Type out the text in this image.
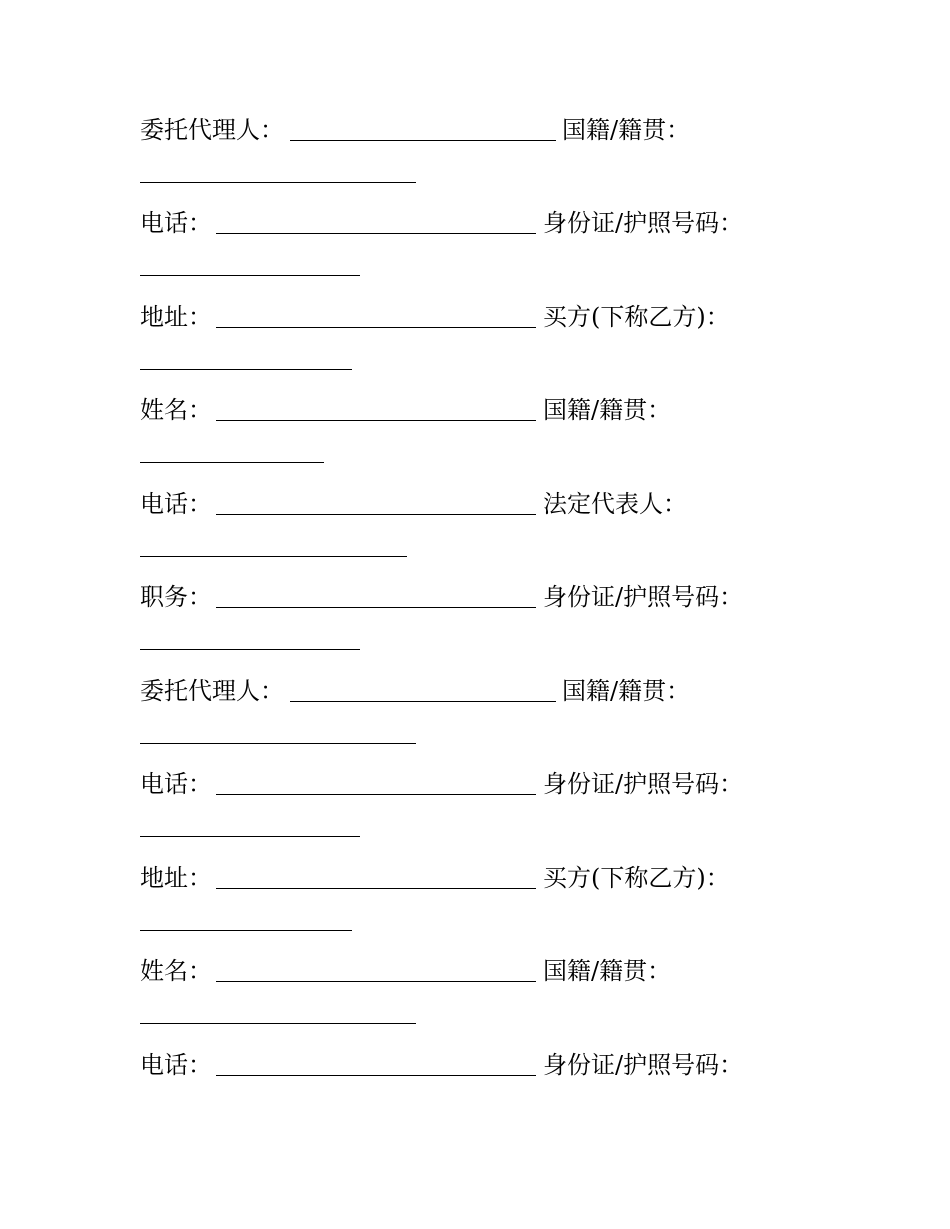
委托代理人：	国籍/籍贯：
电话：	身份证/护照号码：
地址：	买方(下称乙方)：
姓名：	国籍/籍贯：
电话：	法定代表人：
职务：	身份证/护照号码：
委托代理人：	国籍/籍贯：
电话：	身份证/护照号码：
地址：	买方(下称乙方)：
姓名：	国籍/籍贯：
电话：	身份证/护照号码：
